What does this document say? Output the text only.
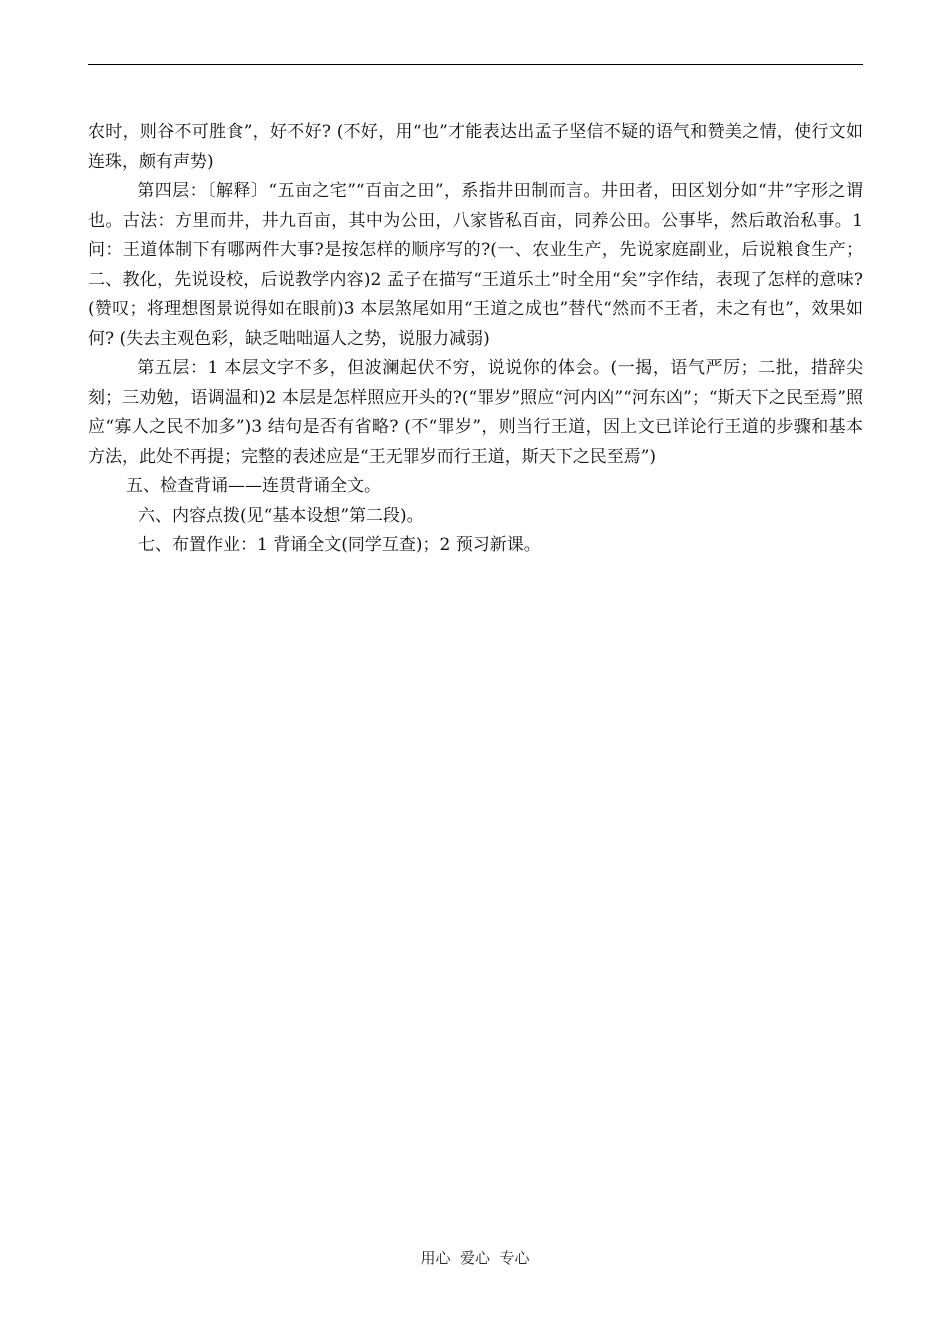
农时，则谷不可胜食”，好不好? (不好，用“也”才能表达出孟子坚信不疑的语气和赞美之情，使行文如连珠，颇有声势)

第四层：〔解释〕“五亩之宅”“百亩之田”，系指井田制而言。井田者，田区划分如“井”字形之谓也。古法：方里而井，井九百亩，其中为公田，八家皆私百亩，同养公田。公事毕，然后敢治私事。1 问：王道体制下有哪两件大事?是按怎样的顺序写的?(一、农业生产，先说家庭副业，后说粮食生产；二、教化，先说设校，后说教学内容)2 孟子在描写“王道乐土”时全用“矣”字作结，表现了怎样的意味?(赞叹；将理想图景说得如在眼前)3 本层煞尾如用“王道之成也”替代“然而不王者，未之有也”，效果如何? (失去主观色彩，缺乏咄咄逼人之势，说服力减弱)

第五层：1 本层文字不多，但波澜起伏不穷，说说你的体会。(一揭，语气严厉；二批，措辞尖刻；三劝勉，语调温和)2 本层是怎样照应开头的?(“罪岁”照应“河内凶”“河东凶”；“斯天下之民至焉”照应“寡人之民不加多”)3 结句是否有省略? (不“罪岁”，则当行王道，因上文已详论行王道的步骤和基本方法，此处不再提；完整的表述应是“王无罪岁而行王道，斯天下之民至焉”)

五、检查背诵——连贯背诵全文。

六、内容点拨(见“基本设想”第二段)。

七、布置作业：1 背诵全文(同学互查)；2 预习新课。

用心  爱心  专心
